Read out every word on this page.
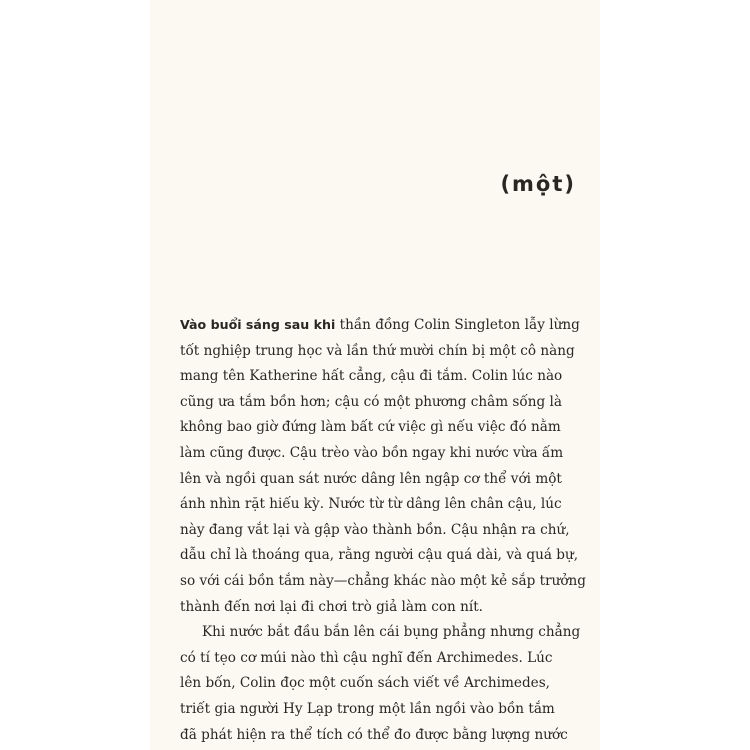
(một)
Vào buổi sáng sau khi thần đồng Colin Singleton lẫy lừng
tốt nghiệp trung học và lần thứ mười chín bị một cô nàng
mang tên Katherine hất cẳng, cậu đi tắm. Colin lúc nào
cũng ưa tắm bồn hơn; cậu có một phương châm sống là
không bao giờ đứng làm bất cứ việc gì nếu việc đó nằm
làm cũng được. Cậu trèo vào bồn ngay khi nước vừa ấm
lên và ngồi quan sát nước dâng lên ngập cơ thể với một
ánh nhìn rặt hiếu kỳ. Nước từ từ dâng lên chân cậu, lúc
này đang vắt lại và gập vào thành bồn. Cậu nhận ra chứ,
dẫu chỉ là thoáng qua, rằng người cậu quá dài, và quá bự,
so với cái bồn tắm này—chẳng khác nào một kẻ sắp trưởng
thành đến nơi lại đi chơi trò giả làm con nít.
Khi nước bắt đầu bắn lên cái bụng phẳng nhưng chẳng
có tí tẹo cơ múi nào thì cậu nghĩ đến Archimedes. Lúc
lên bốn, Colin đọc một cuốn sách viết về Archimedes,
triết gia người Hy Lạp trong một lần ngồi vào bồn tắm
đã phát hiện ra thể tích có thể đo được bằng lượng nước
